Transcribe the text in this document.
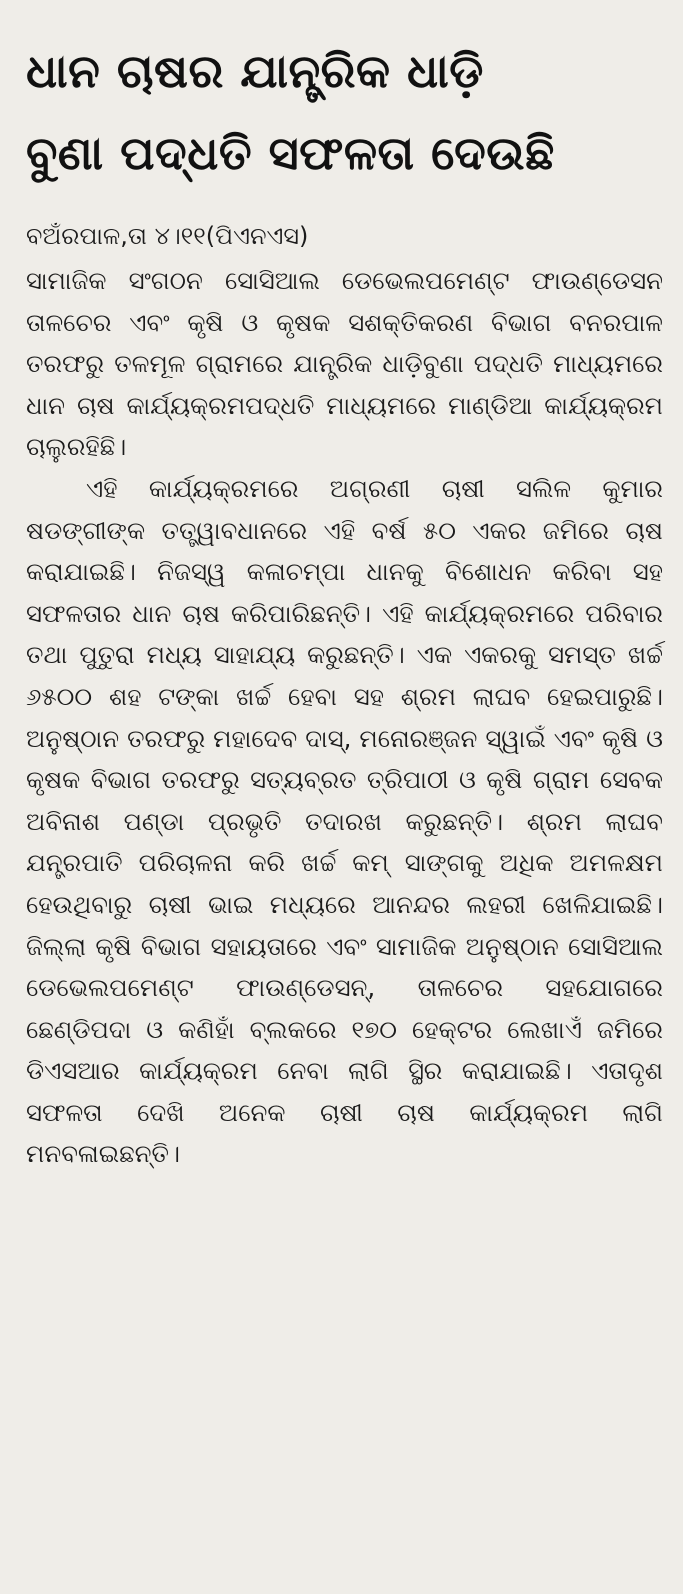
ଧାନ ଚାଷର ଯାନ୍ତ୍ରିକ ଧାଡ଼ି
ବୁଣା ପଦ୍ଧତି ସଫଳତା ଦେଉଛି
ବଅଁରପାଳ,ତା ୪।୧୧(ପିଏନଏସ)

ସାମାଜିକ ସଂଗଠନ ସୋସିଆଲ ଡେଭେଲପମେଣ୍ଟ ଫାଉଣ୍ଡେସନ ତାଳଚେର ଏବଂ କୃଷି ଓ କୃଷକ ସଶକ୍ତିକରଣ ବିଭାଗ ବନରପାଳ ତରଫରୁ ତଳମୂଳ ଗ୍ରାମରେ ଯାନ୍ତ୍ରିକ ଧାଡ଼ିବୁଣା ପଦ୍ଧତି ମାଧ୍ୟମରେ ଧାନ ଚାଷ କାର୍ଯ୍ୟକ୍ରମପଦ୍ଧତି ମାଧ୍ୟମରେ ମାଣ୍ଡିଆ କାର୍ଯ୍ୟକ୍ରମ ଚାଲୁରହିଛି।

ଏହି କାର୍ଯ୍ୟକ୍ରମରେ ଅଗ୍ରଣୀ ଚାଷୀ ସଲିଳ କୁମାର ଷଡଙ୍ଗୀଙ୍କ ତତ୍ତ୍ୱାବଧାନରେ ଏହି ବର୍ଷ ୫୦ ଏକର ଜମିରେ ଚାଷ କରାଯାଇଛି। ନିଜସ୍ୱ କଳାଚମ୍ପା ଧାନକୁ ବିଶୋଧନ କରିବା ସହ ସଫଳତାର ଧାନ ଚାଷ କରିପାରିଛନ୍ତି। ଏହି କାର୍ଯ୍ୟକ୍ରମରେ ପରିବାର ତଥା ପୁତୁରା ମଧ୍ୟ ସାହାଯ୍ୟ କରୁଛନ୍ତି। ଏକ ଏକରକୁ ସମସ୍ତ ଖର୍ଚ୍ଚ ୬୫୦୦ ଶହ ଟଙ୍କା ଖର୍ଚ୍ଚ ହେବା ସହ ଶ୍ରମ ଲାଘବ ହେଇପାରୁଛି। ଅନୁଷ୍ଠାନ ତରଫରୁ ମହାଦେବ ଦାସ୍, ମନୋରଞ୍ଜନ ସ୍ୱାଇଁ ଏବଂ କୃଷି ଓ କୃଷକ ବିଭାଗ ତରଫରୁ ସତ୍ୟବ୍ରତ ତ୍ରିପାଠୀ ଓ କୃଷି ଗ୍ରାମ ସେବକ ଅବିନାଶ ପଣ୍ଡା ପ୍ରଭୃତି ତଦାରଖ କରୁଛନ୍ତି। ଶ୍ରମ ଲାଘବ ଯନ୍ତ୍ରପାତି ପରିଚାଳନା କରି ଖର୍ଚ୍ଚ କମ୍ ସାଙ୍ଗକୁ ଅଧିକ ଅମଳକ୍ଷମ ହେଉଥିବାରୁ ଚାଷୀ ଭାଇ ମଧ୍ୟରେ ଆନନ୍ଦର ଲହରୀ ଖେଳିଯାଇଛି। ଜିଲ୍ଲା କୃଷି ବିଭାଗ ସହାୟତାରେ ଏବଂ ସାମାଜିକ ଅନୁଷ୍ଠାନ ସୋସିଆଲ ଡେଭେଲପମେଣ୍ଟ ଫାଉଣ୍ଡେସନ୍, ତାଳଚେର ସହଯୋଗରେ ଛେଣ୍ଡିପଦା ଓ କଣିହାଁ ବ୍ଲକରେ ୧୭୦ ହେକ୍ଟର ଲେଖାଏଁ ଜମିରେ ଡିଏସଆର କାର୍ଯ୍ୟକ୍ରମ ନେବା ଲାଗି ସ୍ଥିର କରାଯାଇଛି। ଏତାଦୃଶ ସଫଳତା ଦେଖି ଅନେକ ଚାଷୀ ଚାଷ କାର୍ଯ୍ୟକ୍ରମ ଲାଗି ମନବଳାଇଛନ୍ତି।
